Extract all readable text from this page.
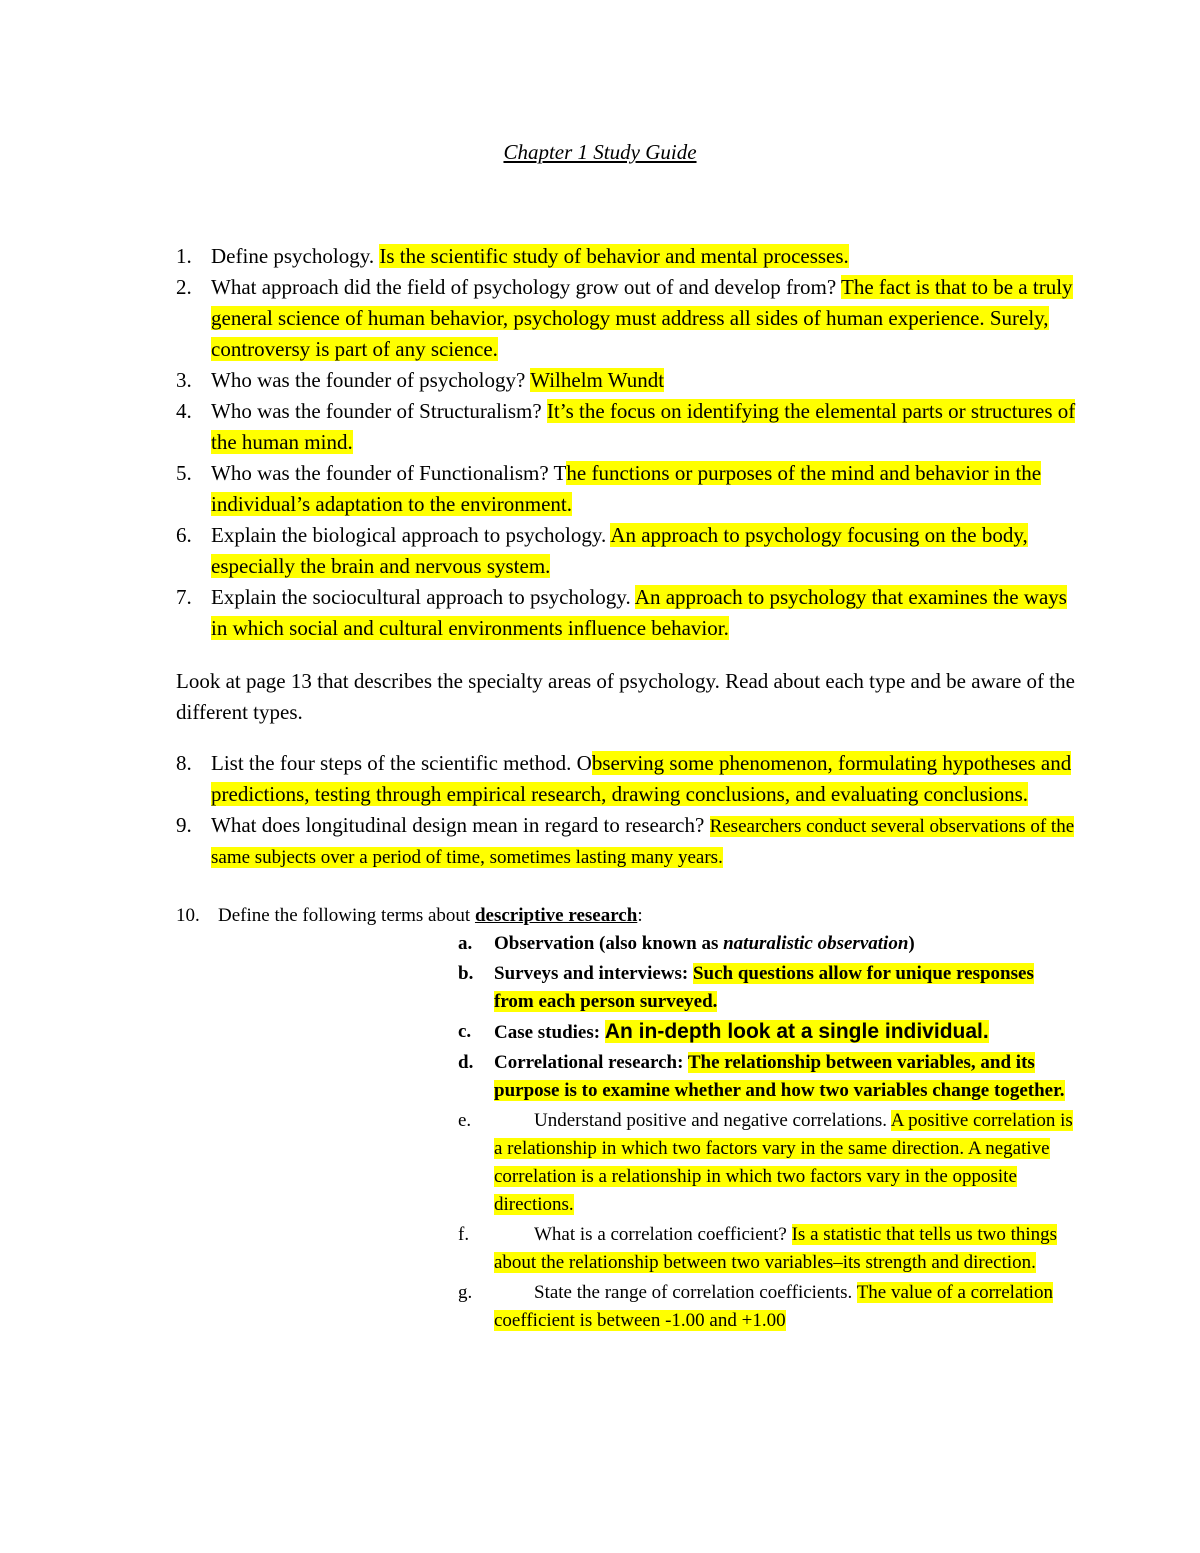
Chapter 1 Study Guide
1. Define psychology. Is the scientific study of behavior and mental processes.
2. What approach did the field of psychology grow out of and develop from? The fact is that to be a truly general science of human behavior, psychology must address all sides of human experience. Surely, controversy is part of any science.
3. Who was the founder of psychology? Wilhelm Wundt
4. Who was the founder of Structuralism? It’s the focus on identifying the elemental parts or structures of the human mind.
5. Who was the founder of Functionalism? The functions or purposes of the mind and behavior in the individual’s adaptation to the environment.
6. Explain the biological approach to psychology. An approach to psychology focusing on the body, especially the brain and nervous system.
7. Explain the sociocultural approach to psychology. An approach to psychology that examines the ways in which social and cultural environments influence behavior.
Look at page 13 that describes the specialty areas of psychology. Read about each type and be aware of the different types.
8. List the four steps of the scientific method. Observing some phenomenon, formulating hypotheses and predictions, testing through empirical research, drawing conclusions, and evaluating conclusions.
9. What does longitudinal design mean in regard to research? Researchers conduct several observations of the same subjects over a period of time, sometimes lasting many years.
10. Define the following terms about descriptive research:
a.	Observation (also known as naturalistic observation)
b.	Surveys and interviews: Such questions allow for unique responses from each person surveyed.
c.	Case studies: An in-depth look at a single individual.
d.	Correlational research: The relationship between variables, and its purpose is to examine whether and how two variables change together.
e.	Understand positive and negative correlations. A positive correlation is a relationship in which two factors vary in the same direction. A negative correlation is a relationship in which two factors vary in the opposite directions.
f.	What is a correlation coefficient? Is a statistic that tells us two things about the relationship between two variables–its strength and direction.
g.	State the range of correlation coefficients. The value of a correlation coefficient is between -1.00 and +1.00
